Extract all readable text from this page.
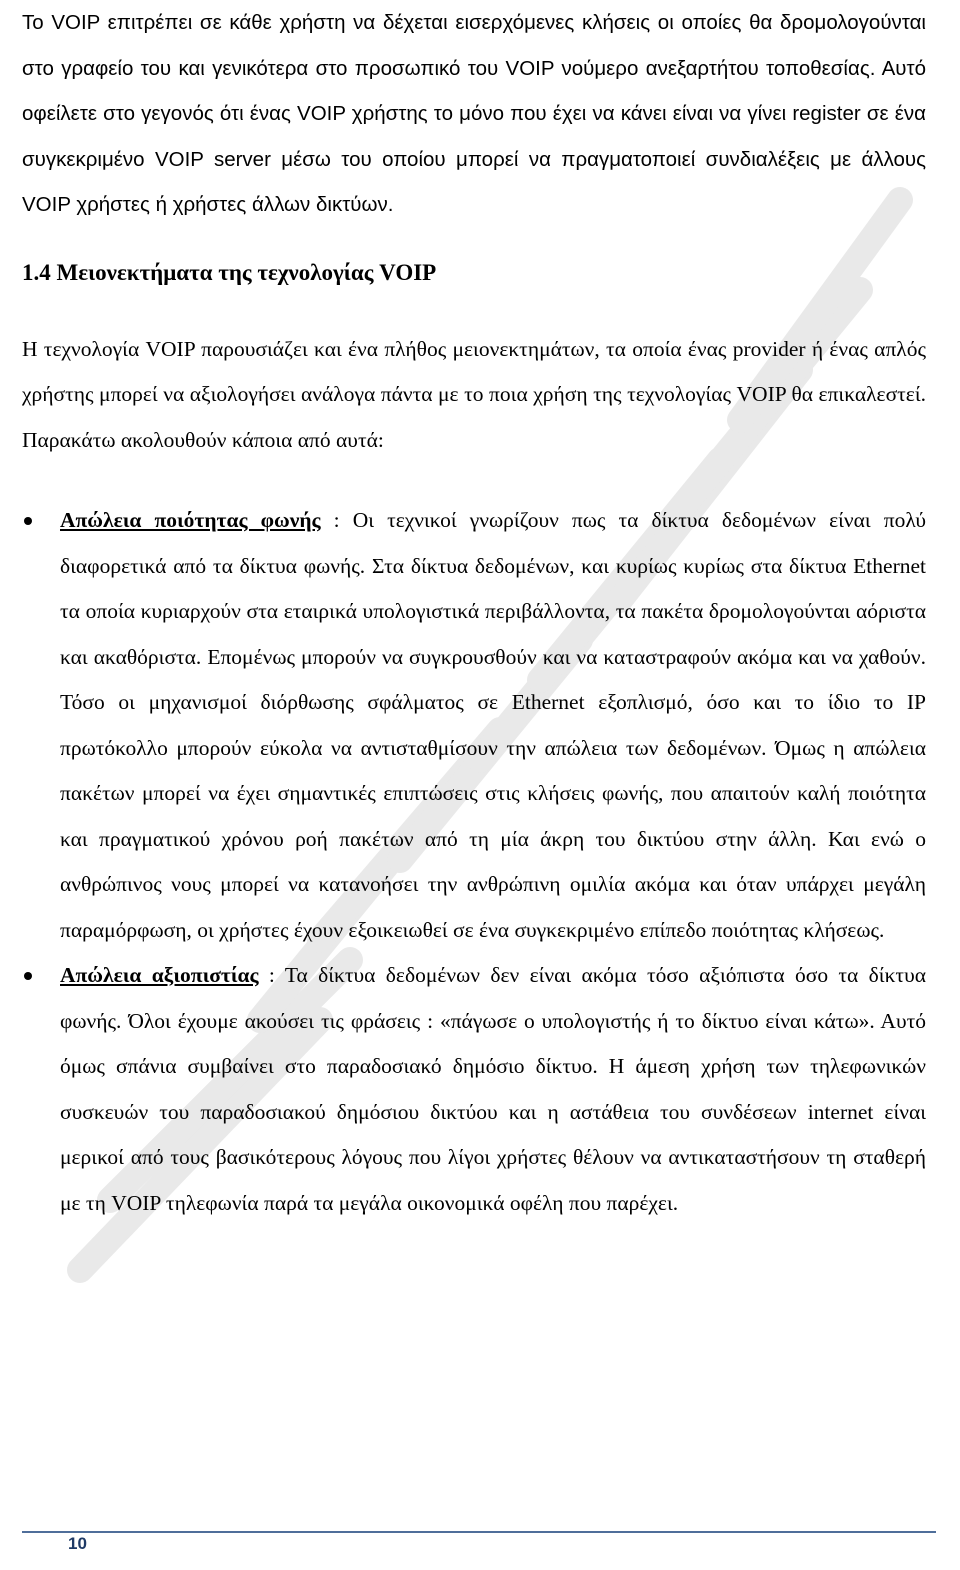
Το VOIP επιτρέπει σε κάθε χρήστη να δέχεται εισερχόμενες κλήσεις οι οποίες θα δρομολογούνται στο γραφείο του και γενικότερα στο προσωπικό του VOIP νούμερο ανεξαρτήτου τοποθεσίας. Αυτό οφείλετε στο γεγονός ότι ένας VOIP χρήστης το μόνο που έχει να κάνει είναι να γίνει register σε ένα συγκεκριμένο VOIP server μέσω του οποίου μπορεί να πραγματοποιεί συνδιαλέξεις με άλλους VOIP χρήστες ή χρήστες άλλων δικτύων.

1.4 Μειονεκτήματα της τεχνολογίας VOIP

Η τεχνολογία VOIP παρουσιάζει και ένα πλήθος μειονεκτημάτων, τα οποία ένας provider ή ένας απλός χρήστης μπορεί να αξιολογήσει ανάλογα πάντα με το ποια χρήση της τεχνολογίας VOIP θα επικαλεστεί. Παρακάτω ακολουθούν κάποια από αυτά:

Απώλεια ποιότητας φωνής : Οι τεχνικοί γνωρίζουν πως τα δίκτυα δεδομένων είναι πολύ διαφορετικά από τα δίκτυα φωνής. Στα δίκτυα δεδομένων, και κυρίως κυρίως στα δίκτυα Ethernet τα οποία κυριαρχούν στα εταιρικά υπολογιστικά περιβάλλοντα, τα πακέτα δρομολογούνται αόριστα και ακαθόριστα. Επομένως μπορούν να συγκρουσθούν και να καταστραφούν ακόμα και να χαθούν. Τόσο οι μηχανισμοί διόρθωσης σφάλματος σε Ethernet εξοπλισμό, όσο και το ίδιο το IP πρωτόκολλο μπορούν εύκολα να αντισταθμίσουν την απώλεια των δεδομένων. Όμως η απώλεια πακέτων μπορεί να έχει σημαντικές επιπτώσεις στις κλήσεις φωνής, που απαιτούν καλή ποιότητα και πραγματικού χρόνου ροή πακέτων από τη μία άκρη του δικτύου στην άλλη. Και ενώ ο ανθρώπινος νους μπορεί να κατανοήσει την ανθρώπινη ομιλία ακόμα και όταν υπάρχει μεγάλη παραμόρφωση, οι χρήστες έχουν εξοικειωθεί σε ένα συγκεκριμένο επίπεδο ποιότητας κλήσεως.
Απώλεια αξιοπιστίας : Τα δίκτυα δεδομένων δεν είναι ακόμα τόσο αξιόπιστα όσο τα δίκτυα φωνής. Όλοι έχουμε ακούσει τις φράσεις : «πάγωσε ο υπολογιστής ή το δίκτυο είναι κάτω». Αυτό όμως σπάνια συμβαίνει στο παραδοσιακό δημόσιο δίκτυο. Η άμεση χρήση των τηλεφωνικών συσκευών του παραδοσιακού δημόσιου δικτύου και η αστάθεια του συνδέσεων internet είναι μερικοί από τους βασικότερους λόγους που λίγοι χρήστες θέλουν να αντικαταστήσουν τη σταθερή με τη VOIP τηλεφωνία παρά τα μεγάλα οικονομικά οφέλη που παρέχει.
10
